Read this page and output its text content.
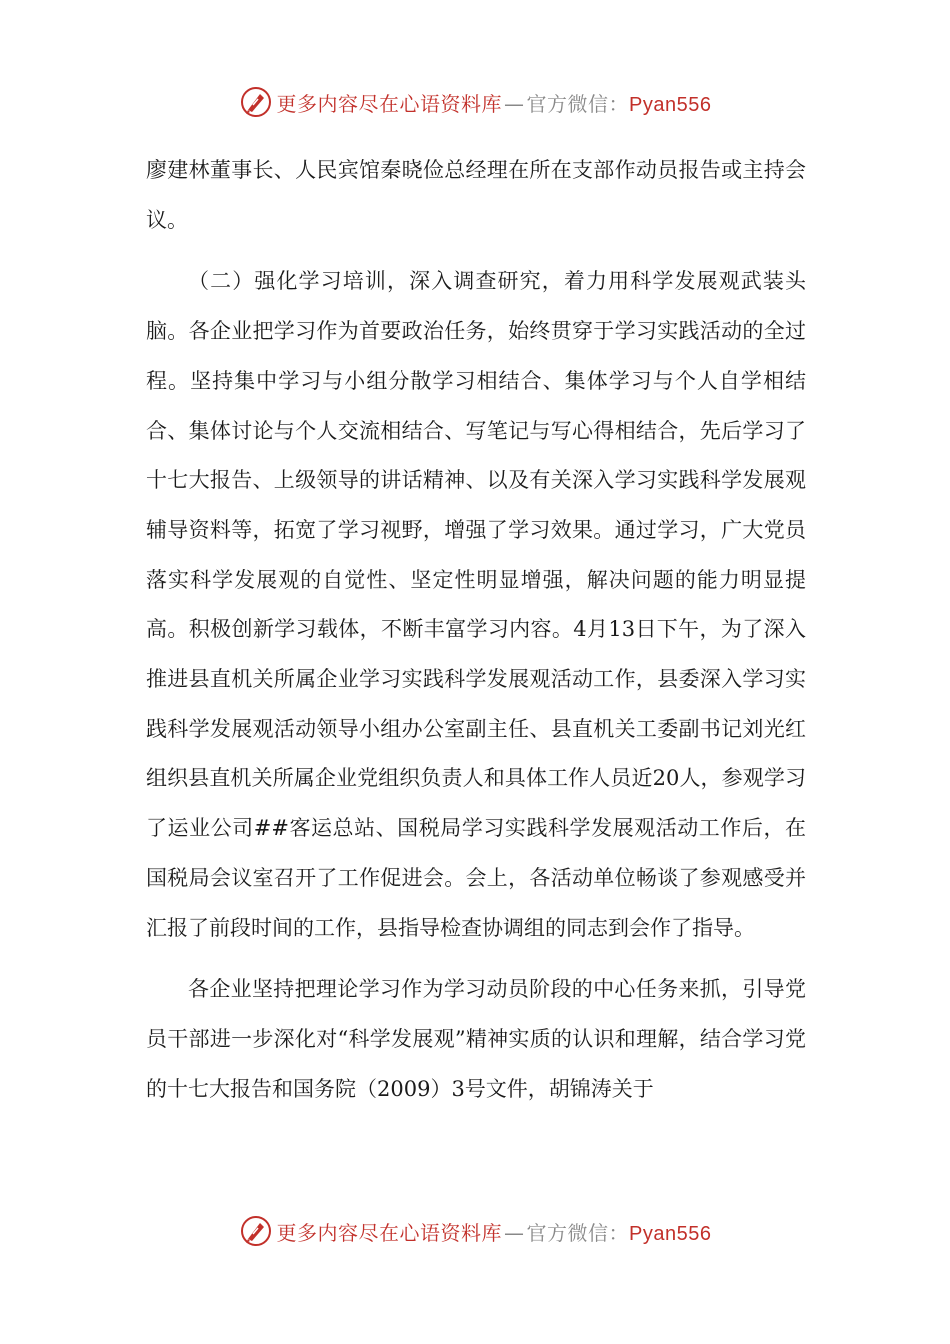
更多内容尽在心语资料库 — 官方微信：Pyan556

廖建林董事长、人民宾馆秦晓俭总经理在所在支部作动员报告或主持会议。

（二）强化学习培训，深入调查研究，着力用科学发展观武装头脑。各企业把学习作为首要政治任务，始终贯穿于学习实践活动的全过程。坚持集中学习与小组分散学习相结合、集体学习与个人自学相结合、集体讨论与个人交流相结合、写笔记与写心得相结合，先后学习了十七大报告、上级领导的讲话精神、以及有关深入学习实践科学发展观辅导资料等，拓宽了学习视野，增强了学习效果。通过学习，广大党员落实科学发展观的自觉性、坚定性明显增强，解决问题的能力明显提高。积极创新学习载体，不断丰富学习内容。4月13日下午，为了深入推进县直机关所属企业学习实践科学发展观活动工作，县委深入学习实践科学发展观活动领导小组办公室副主任、县直机关工委副书记刘光红组织县直机关所属企业党组织负责人和具体工作人员近20人，参观学习了运业公司##客运总站、国税局学习实践科学发展观活动工作后，在国税局会议室召开了工作促进会。会上，各活动单位畅谈了参观感受并汇报了前段时间的工作，县指导检查协调组的同志到会作了指导。

各企业坚持把理论学习作为学习动员阶段的中心任务来抓，引导党员干部进一步深化对“科学发展观”精神实质的认识和理解，结合学习党的十七大报告和国务院（2009）3号文件，胡锦涛关于

更多内容尽在心语资料库 — 官方微信：Pyan556
